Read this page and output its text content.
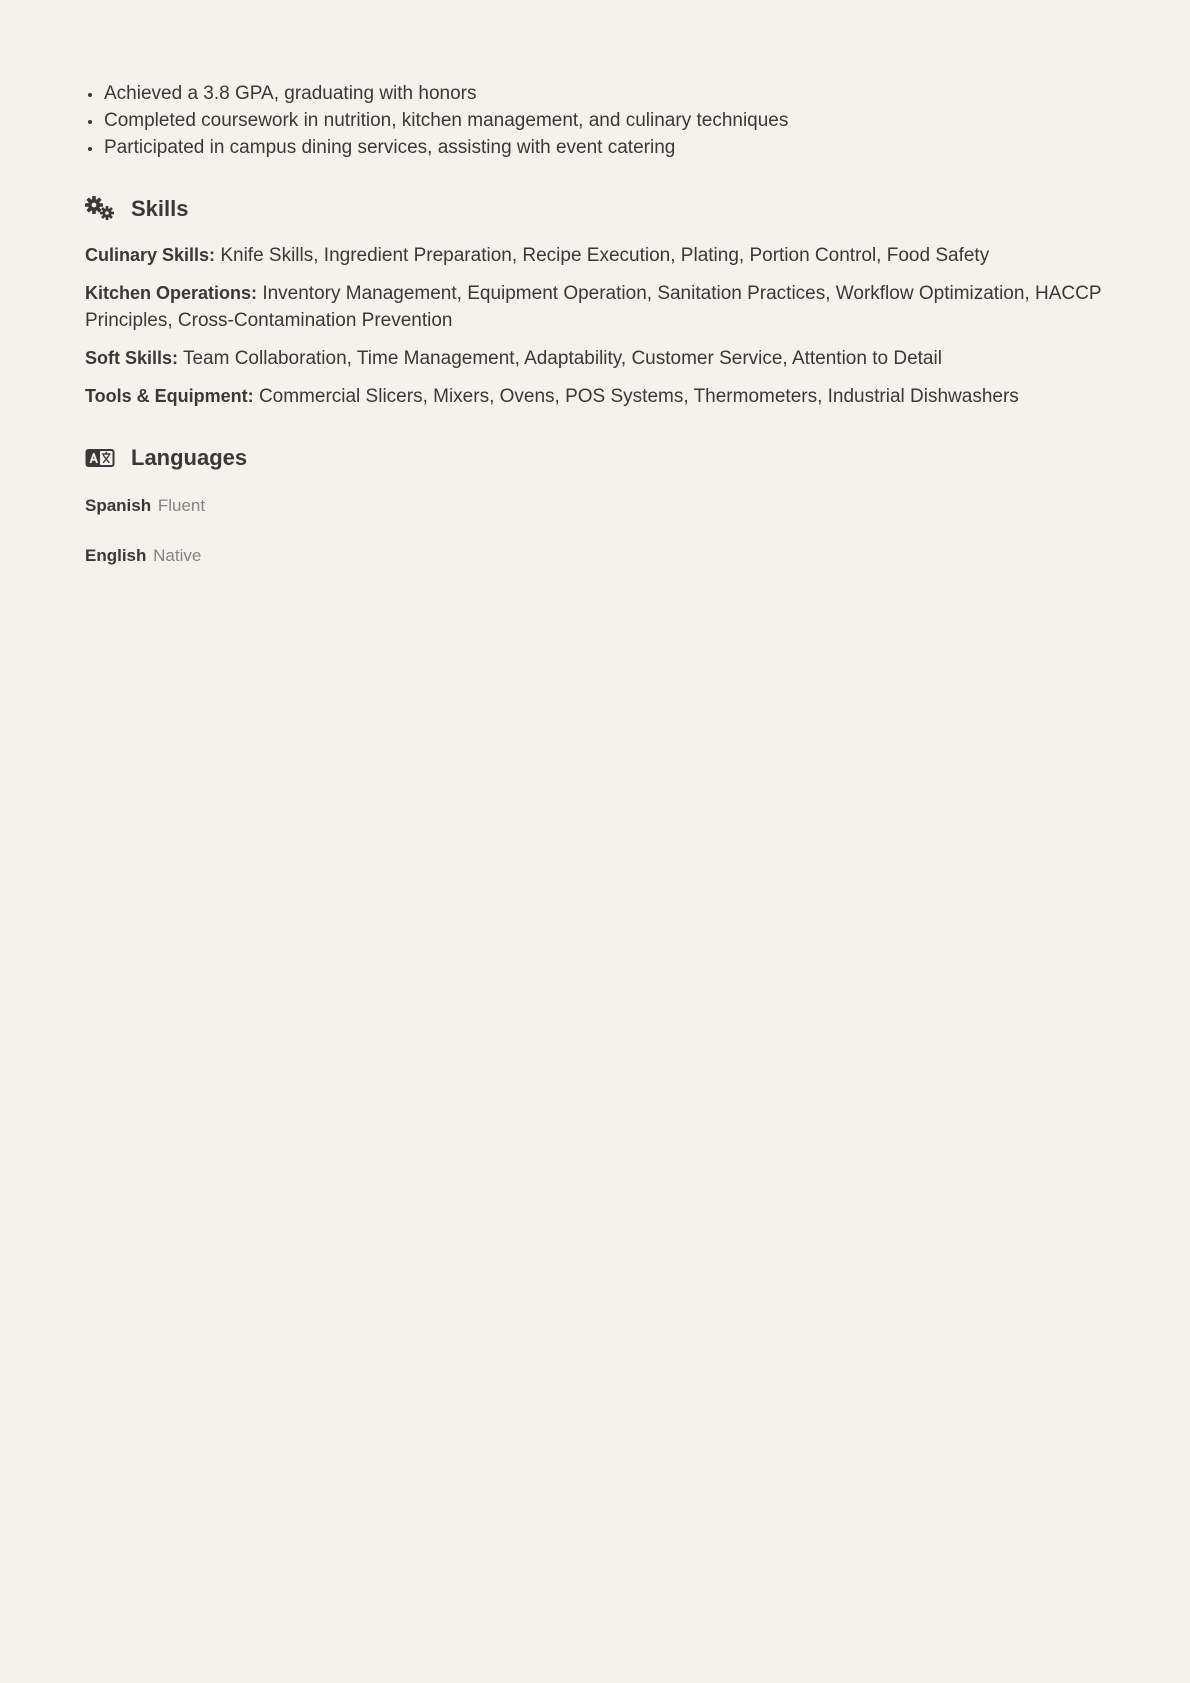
• Achieved a 3.8 GPA, graduating with honors
• Completed coursework in nutrition, kitchen management, and culinary techniques
• Participated in campus dining services, assisting with event catering
Skills
Culinary Skills: Knife Skills, Ingredient Preparation, Recipe Execution, Plating, Portion Control, Food Safety
Kitchen Operations: Inventory Management, Equipment Operation, Sanitation Practices, Workflow Optimization, HACCP Principles, Cross-Contamination Prevention
Soft Skills: Team Collaboration, Time Management, Adaptability, Customer Service, Attention to Detail
Tools & Equipment: Commercial Slicers, Mixers, Ovens, POS Systems, Thermometers, Industrial Dishwashers
Languages
Spanish Fluent
English Native
